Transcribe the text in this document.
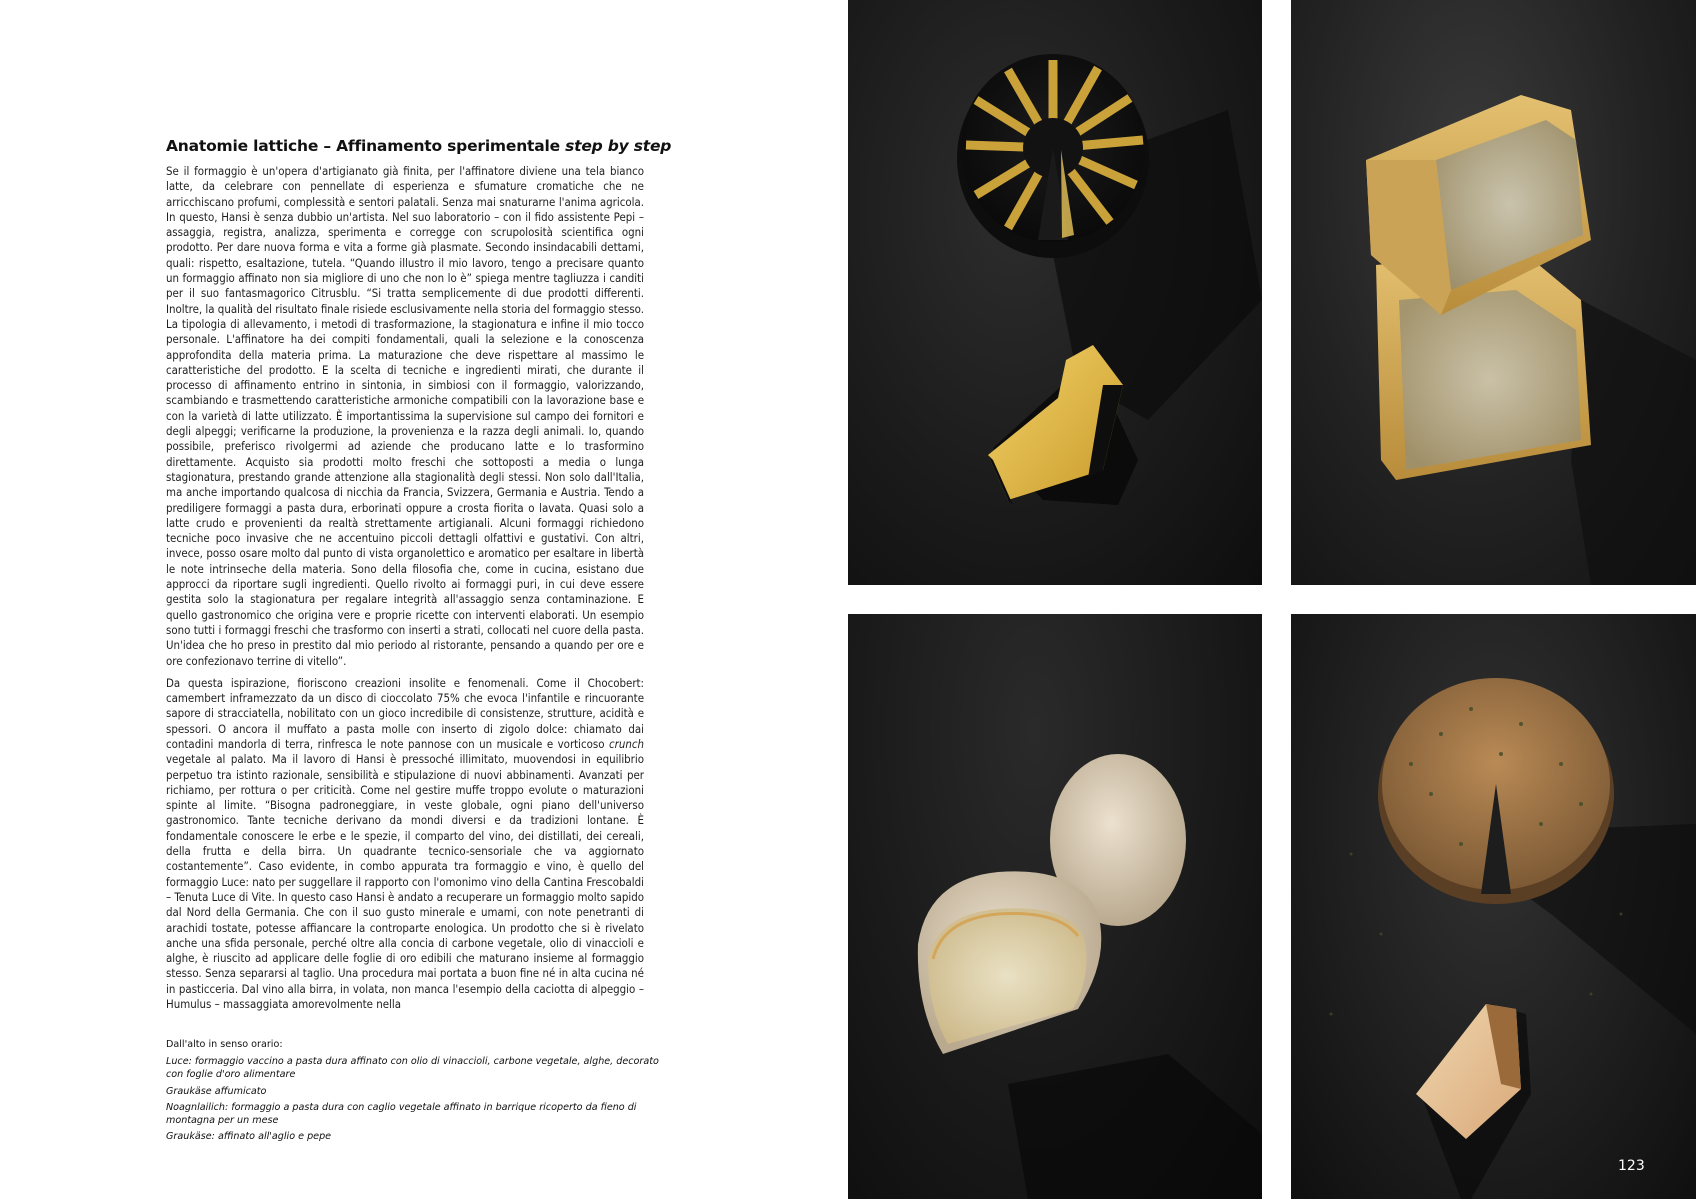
Anatomie lattiche – Affinamento sperimentale step by step

Se il formaggio è un'opera d'artigianato già finita, per l'affinatore diviene una tela bianco latte, da celebrare con pennellate di esperienza e sfumature cromatiche che ne arricchiscano profumi, complessità e sentori palatali. Senza mai snaturarne l'anima agricola. In questo, Hansi è senza dubbio un'artista. Nel suo laboratorio – con il fido assistente Pepi – assaggia, registra, analizza, sperimenta e corregge con scrupolosità scientifica ogni prodotto. Per dare nuova forma e vita a forme già plasmate. Secondo insindacabili dettami, quali: rispetto, esaltazione, tutela. “Quando illustro il mio lavoro, tengo a precisare quanto un formaggio affinato non sia migliore di uno che non lo è” spiega mentre tagliuzza i canditi per il suo fantasmagorico Citrusblu. “Si tratta semplicemente di due prodotti differenti. Inoltre, la qualità del risultato finale risiede esclusivamente nella storia del formaggio stesso. La tipologia di allevamento, i metodi di trasformazione, la stagionatura e infine il mio tocco personale. L'affinatore ha dei compiti fondamentali, quali la selezione e la conoscenza approfondita della materia prima. La maturazione che deve rispettare al massimo le caratteristiche del prodotto. E la scelta di tecniche e ingredienti mirati, che durante il processo di affinamento entrino in sintonia, in simbiosi con il formaggio, valorizzando, scambiando e trasmettendo caratteristiche armoniche compatibili con la lavorazione base e con la varietà di latte utilizzato. È importantissima la supervisione sul campo dei fornitori e degli alpeggi; verificarne la produzione, la provenienza e la razza degli animali. Io, quando possibile, preferisco rivolgermi ad aziende che producano latte e lo trasformino direttamente. Acquisto sia prodotti molto freschi che sottoposti a media o lunga stagionatura, prestando grande attenzione alla stagionalità degli stessi. Non solo dall'Italia, ma anche importando qualcosa di nicchia da Francia, Svizzera, Germania e Austria. Tendo a prediligere formaggi a pasta dura, erborinati oppure a crosta fiorita o lavata. Quasi solo a latte crudo e provenienti da realtà strettamente artigianali. Alcuni formaggi richiedono tecniche poco invasive che ne accentuino piccoli dettagli olfattivi e gustativi. Con altri, invece, posso osare molto dal punto di vista organolettico e aromatico per esaltare in libertà le note intrinseche della materia. Sono della filosofia che, come in cucina, esistano due approcci da riportare sugli ingredienti. Quello rivolto ai formaggi puri, in cui deve essere gestita solo la stagionatura per regalare integrità all'assaggio senza contaminazione. E quello gastronomico che origina vere e proprie ricette con interventi elaborati. Un esempio sono tutti i formaggi freschi che trasformo con inserti a strati, collocati nel cuore della pasta. Un'idea che ho preso in prestito dal mio periodo al ristorante, pensando a quando per ore e ore confezionavo terrine di vitello”.

Da questa ispirazione, fioriscono creazioni insolite e fenomenali. Come il Chocobert: camembert inframezzato da un disco di cioccolato 75% che evoca l'infantile e rincuorante sapore di stracciatella, nobilitato con un gioco incredibile di consistenze, strutture, acidità e spessori. O ancora il muffato a pasta molle con inserto di zigolo dolce: chiamato dai contadini mandorla di terra, rinfresca le note pannose con un musicale e vorticoso crunch vegetale al palato. Ma il lavoro di Hansi è pressoché illimitato, muovendosi in equilibrio perpetuo tra istinto razionale, sensibilità e stipulazione di nuovi abbinamenti. Avanzati per richiamo, per rottura o per criticità. Come nel gestire muffe troppo evolute o maturazioni spinte al limite. “Bisogna padroneggiare, in veste globale, ogni piano dell'universo gastronomico. Tante tecniche derivano da mondi diversi e da tradizioni lontane. È fondamentale conoscere le erbe e le spezie, il comparto del vino, dei distillati, dei cereali, della frutta e della birra. Un quadrante tecnico-sensoriale che va aggiornato costantemente”. Caso evidente, in combo appurata tra formaggio e vino, è quello del formaggio Luce: nato per suggellare il rapporto con l'omonimo vino della Cantina Frescobaldi – Tenuta Luce di Vite. In questo caso Hansi è andato a recuperare un formaggio molto sapido dal Nord della Germania. Che con il suo gusto minerale e umami, con note penetranti di arachidi tostate, potesse affiancare la controparte enologica. Un prodotto che si è rivelato anche una sfida personale, perché oltre alla concia di carbone vegetale, olio di vinaccioli e alghe, è riuscito ad applicare delle foglie di oro edibili che maturano insieme al formaggio stesso. Senza separarsi al taglio. Una procedura mai portata a buon fine né in alta cucina né in pasticceria. Dal vino alla birra, in volata, non manca l'esempio della caciotta di alpeggio – Humulus – massaggiata amorevolmente nella

Dall'alto in senso orario:
Luce: formaggio vaccino a pasta dura affinato con olio di vinaccioli, carbone vegetale, alghe, decorato con foglie d'oro alimentare
Graukäse affumicato
Noagnlailich: formaggio a pasta dura con caglio vegetale affinato in barrique ricoperto da fieno di montagna per un mese
Graukäse: affinato all'aglio e pepe
123
